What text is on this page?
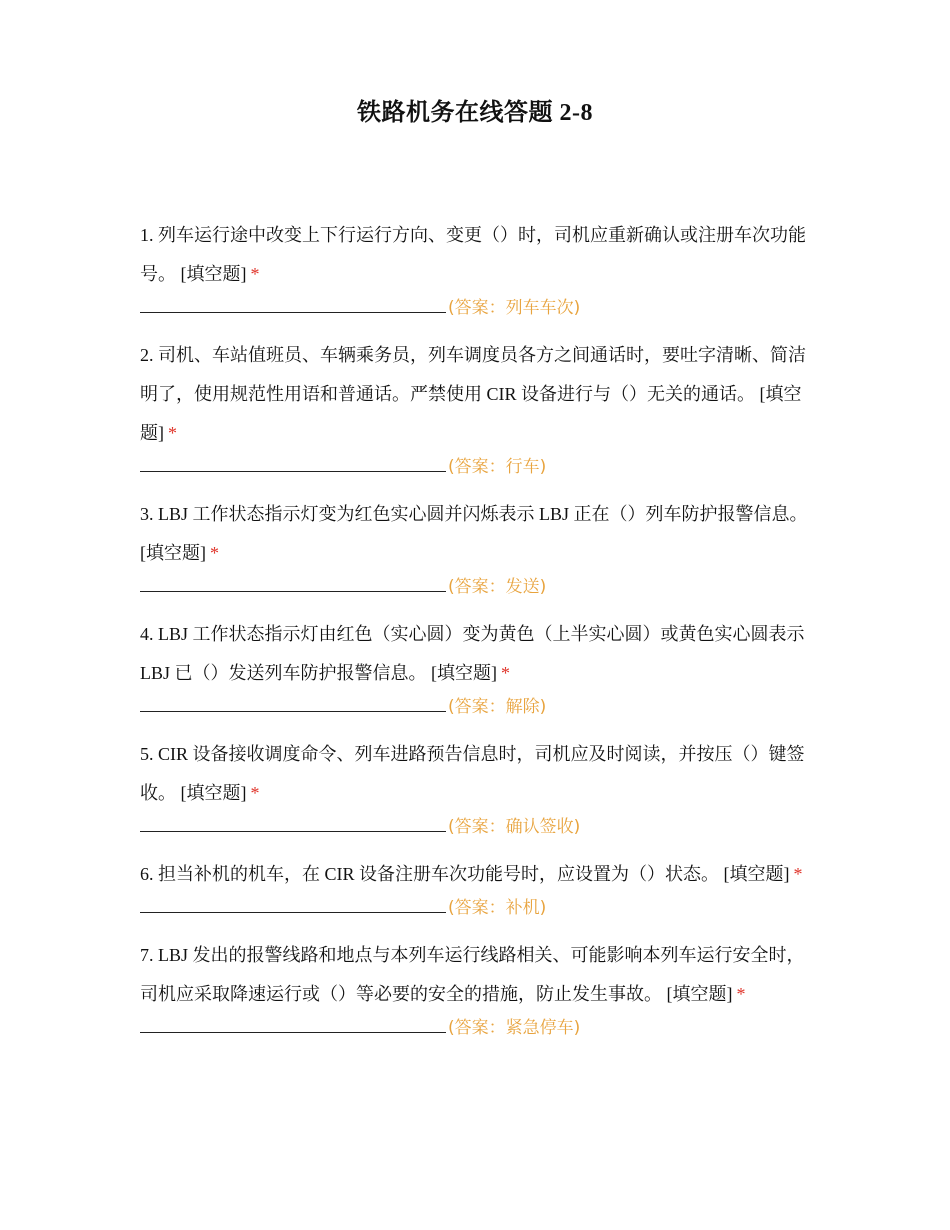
铁路机务在线答题 2-8

1. 列车运行途中改变上下行运行方向、变更（）时，司机应重新确认或注册车次功能号。 [填空题] *

(答案：列车车次)

2. 司机、车站值班员、车辆乘务员，列车调度员各方之间通话时，要吐字清晰、简洁明了，使用规范性用语和普通话。严禁使用 CIR 设备进行与（）无关的通话。 [填空题] *

(答案：行车)

3. LBJ 工作状态指示灯变为红色实心圆并闪烁表示 LBJ 正在（）列车防护报警信息。 [填空题] *

(答案：发送)

4. LBJ 工作状态指示灯由红色（实心圆）变为黄色（上半实心圆）或黄色实心圆表示 LBJ 已（）发送列车防护报警信息。 [填空题] *

(答案：解除)

5. CIR 设备接收调度命令、列车进路预告信息时，司机应及时阅读，并按压（）键签收。 [填空题] *

(答案：确认签收)

6. 担当补机的机车，在 CIR 设备注册车次功能号时，应设置为（）状态。 [填空题] *

(答案：补机)

7. LBJ 发出的报警线路和地点与本列车运行线路相关、可能影响本列车运行安全时，司机应采取降速运行或（）等必要的安全的措施，防止发生事故。 [填空题] *

(答案：紧急停车)
